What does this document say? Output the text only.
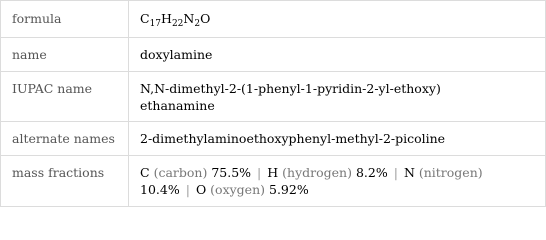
formula	$C_{17}H_{22}N_2O$
name	doxylamine
IUPAC name	N,N-dimethyl-2-(1-phenyl-1-pyridin-2-yl-ethoxy)
ethanamine
alternate names	2-dimethylaminoethoxyphenyl-methyl-2-picoline
mass fractions	C (carbon) 75.5% | H (hydrogen) 8.2% | N (nitrogen)
10.4% | O (oxygen) 5.92%
